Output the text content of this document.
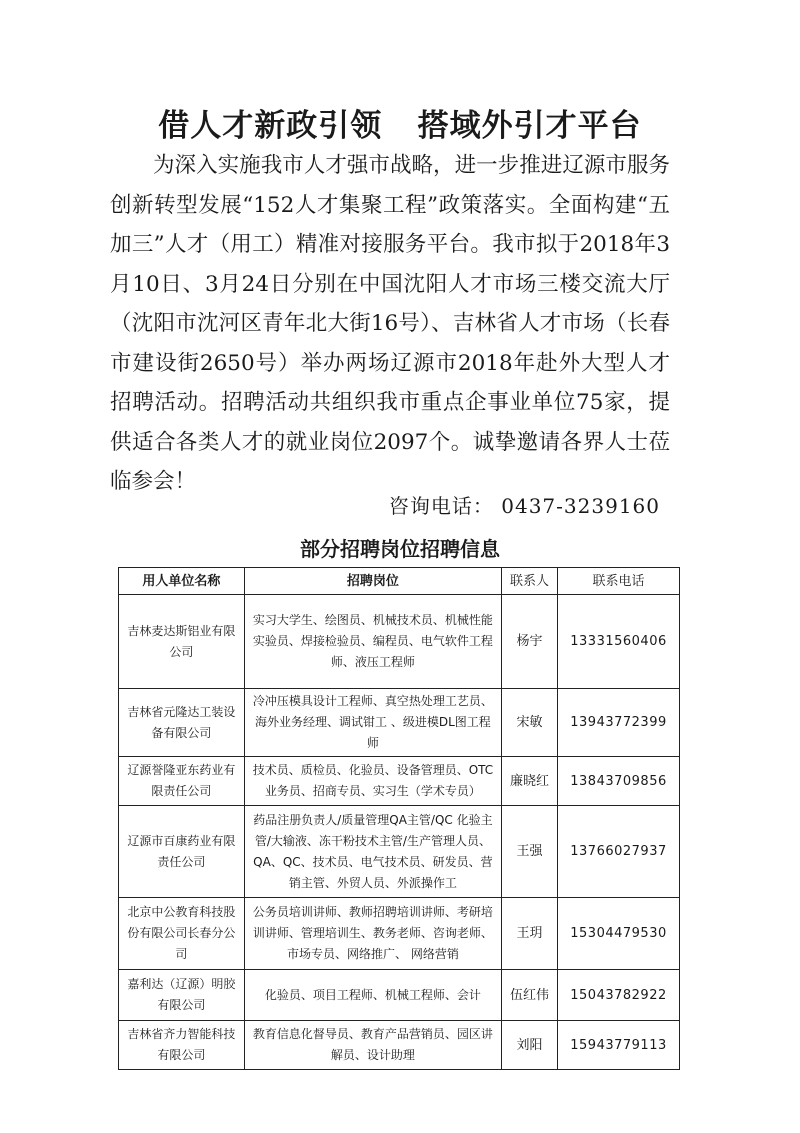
借人才新政引领   搭域外引才平台
为深入实施我市人才强市战略，进一步推进辽源市服务创新转型发展“152人才集聚工程”政策落实。全面构建“五加三”人才（用工）精准对接服务平台。我市拟于2018年3月10日、3月24日分别在中国沈阳人才市场三楼交流大厅（沈阳市沈河区青年北大街16号）、吉林省人才市场（长春市建设街2650号）举办两场辽源市2018年赴外大型人才招聘活动。招聘活动共组织我市重点企事业单位75家，提供适合各类人才的就业岗位2097个。诚挚邀请各界人士莅临参会！
咨询电话： 0437-3239160
部分招聘岗位招聘信息
用人单位名称	招聘岗位	联系人	联系电话
吉林麦达斯铝业有限公司	实习大学生、绘图员、机械技术员、机械性能实验员、焊接检验员、编程员、电气软件工程师、液压工程师	杨宇	13331560406
吉林省元隆达工装设备有限公司	冷冲压模具设计工程师、真空热处理工艺员、海外业务经理、调试钳工 、级进模DL图工程师	宋敏	13943772399
辽源誉隆亚东药业有限责任公司	技术员、质检员、化验员、设备管理员、OTC业务员、招商专员、实习生（学术专员）	廉晓红	13843709856
辽源市百康药业有限责任公司	药品注册负责人/质量管理QA主管/QC 化验主管/大输液、冻干粉技术主管/生产管理人员、QA、QC、技术员、电气技术员、研发员、营销主管、外贸人员、外派操作工	王强	13766027937
北京中公教育科技股份有限公司长春分公司	公务员培训讲师、教师招聘培训讲师、考研培训讲师、管理培训生、教务老师、咨询老师、市场专员、网络推广、 网络营销	王玥	15304479530
嘉利达（辽源）明胶有限公司	化验员、项目工程师、机械工程师、会计	伍红伟	15043782922
吉林省齐力智能科技有限公司	教育信息化督导员、教育产品营销员、园区讲解员、设计助理	刘阳	15943779113
